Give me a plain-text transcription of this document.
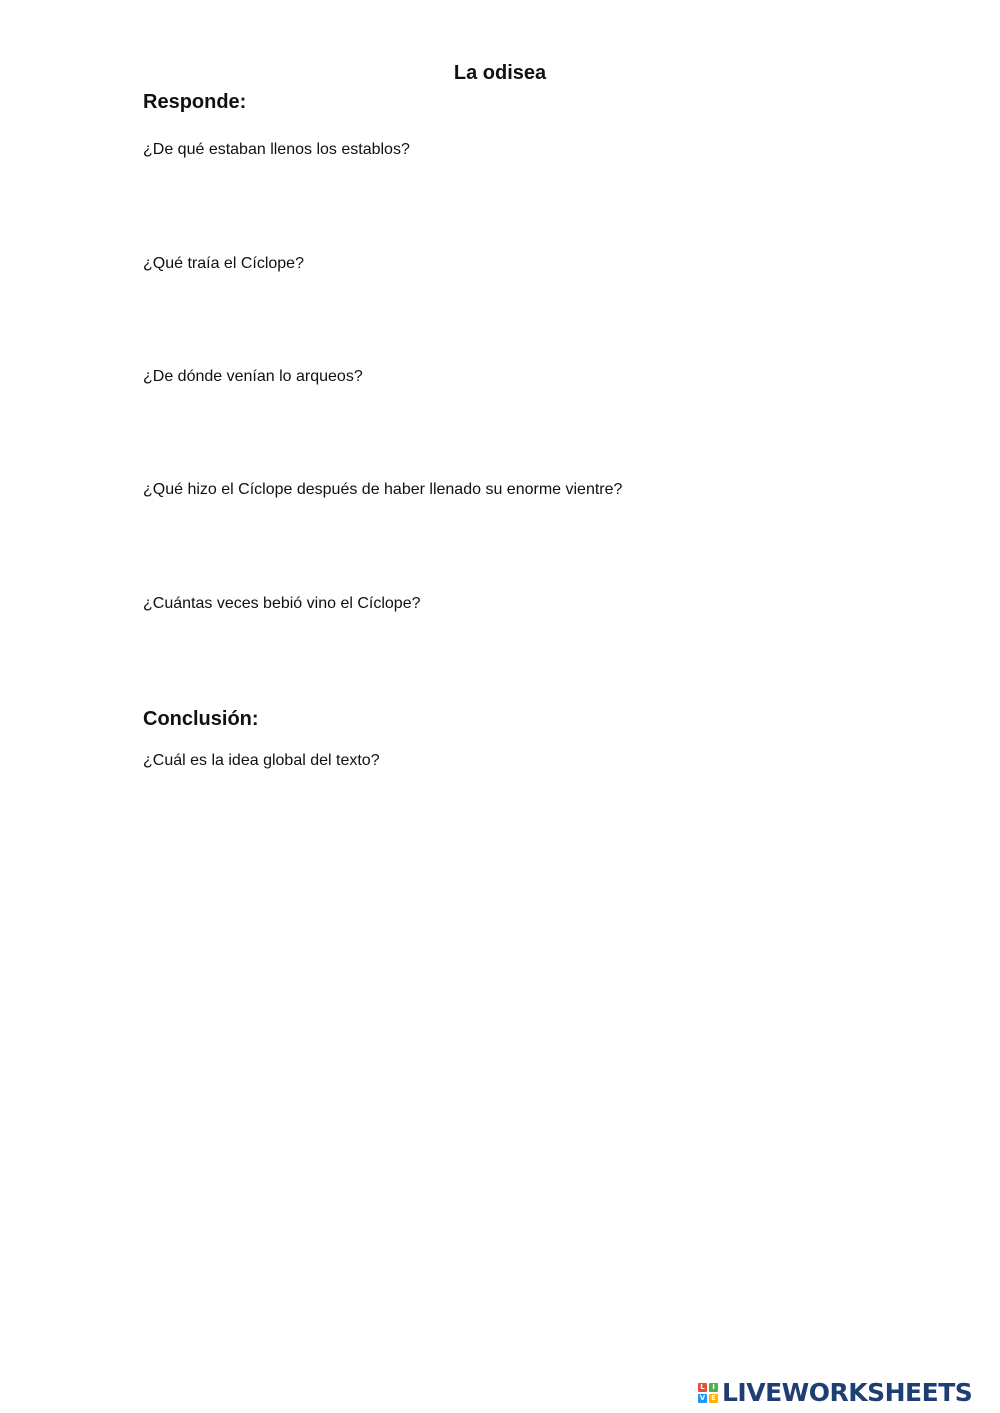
La odisea
Responde:
¿De qué estaban llenos los establos?
¿Qué traía el Cíclope?
¿De dónde venían lo arqueos?
¿Qué hizo el Cíclope después de haber llenado su enorme vientre?
¿Cuántas veces bebió vino el Cíclope?
Conclusión:
¿Cuál es la idea global del texto?
L	I
V E LIVEWORKSHEETS
